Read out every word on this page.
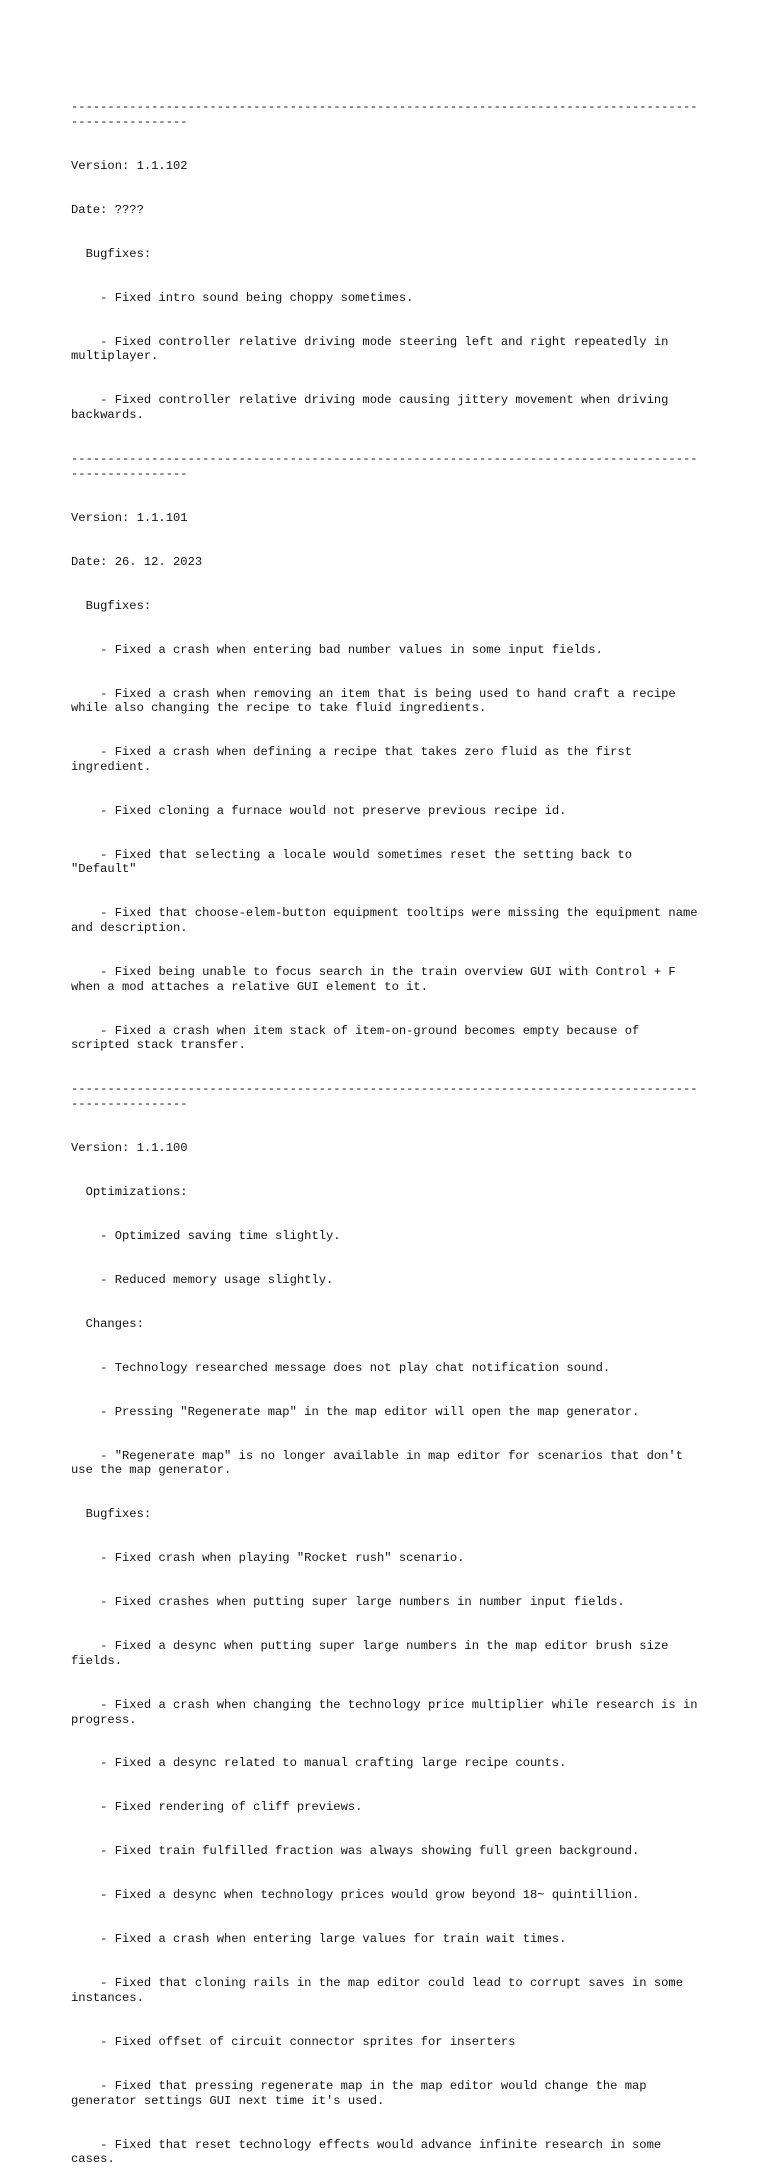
------------------------------------------------------------------------------------------------------

Version: 1.1.102

Date: ????

Bugfixes:

- Fixed intro sound being choppy sometimes.

- Fixed controller relative driving mode steering left and right repeatedly in multiplayer.

- Fixed controller relative driving mode causing jittery movement when driving backwards.

------------------------------------------------------------------------------------------------------

Version: 1.1.101

Date: 26. 12. 2023

Bugfixes:

- Fixed a crash when entering bad number values in some input fields.

- Fixed a crash when removing an item that is being used to hand craft a recipe while also changing the recipe to take fluid ingredients.

- Fixed a crash when defining a recipe that takes zero fluid as the first ingredient.

- Fixed cloning a furnace would not preserve previous recipe id.

- Fixed that selecting a locale would sometimes reset the setting back to "Default"

- Fixed that choose-elem-button equipment tooltips were missing the equipment name and description.

- Fixed being unable to focus search in the train overview GUI with Control + F when a mod attaches a relative GUI element to it.

- Fixed a crash when item stack of item-on-ground becomes empty because of scripted stack transfer.

------------------------------------------------------------------------------------------------------

Version: 1.1.100

Optimizations:

- Optimized saving time slightly.

- Reduced memory usage slightly.

Changes:

- Technology researched message does not play chat notification sound.

- Pressing "Regenerate map" in the map editor will open the map generator.

- "Regenerate map" is no longer available in map editor for scenarios that don't use the map generator.

Bugfixes:

- Fixed crash when playing "Rocket rush" scenario.

- Fixed crashes when putting super large numbers in number input fields.

- Fixed a desync when putting super large numbers in the map editor brush size fields.

- Fixed a crash when changing the technology price multiplier while research is in progress.

- Fixed a desync related to manual crafting large recipe counts.

- Fixed rendering of cliff previews.

- Fixed train fulfilled fraction was always showing full green background.

- Fixed a desync when technology prices would grow beyond 18~ quintillion.

- Fixed a crash when entering large values for train wait times.

- Fixed that cloning rails in the map editor could lead to corrupt saves in some instances.

- Fixed offset of circuit connector sprites for inserters

- Fixed that pressing regenerate map in the map editor would change the map generator settings GUI next time it's used.

- Fixed that reset technology effects would advance infinite research in some cases.
